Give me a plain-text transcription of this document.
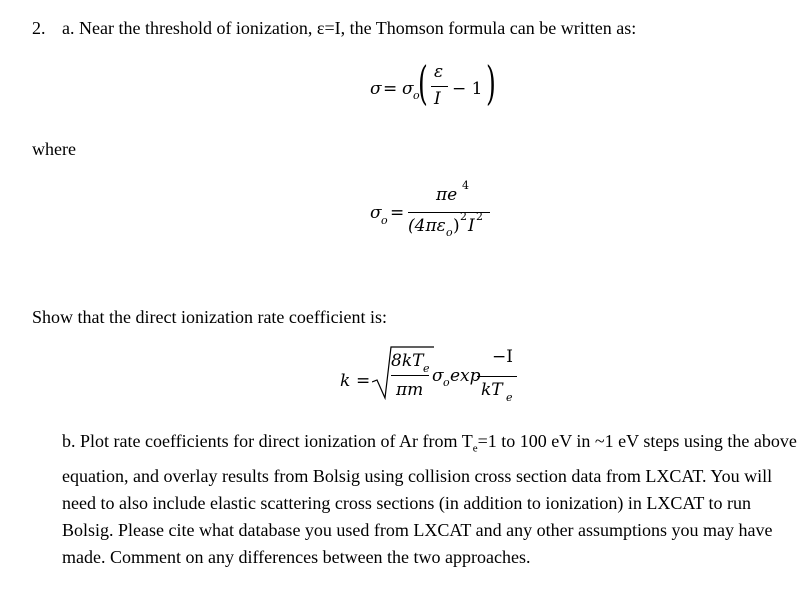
2. a. Near the threshold of ionization, ε=I, the Thomson formula can be written as:
σ = σ o
( ε
I − 1 )
where
σ o =
πe 4
(4πε o ) 2 I 2
Show that the direct ionization rate coefficient is:
k =
8kT e
πm
σ o exp
−I
kT e
b. Plot rate coefficients for direct ionization of Ar from $T_e=1$ to 100 eV in ~1 eV steps using the above equation, and overlay results from Bolsig using collision cross section data from LXCAT. You will need to also include elastic scattering cross sections (in addition to ionization) in LXCAT to run Bolsig. Please cite what database you used from LXCAT and any other assumptions you may have made. Comment on any differences between the two approaches.
